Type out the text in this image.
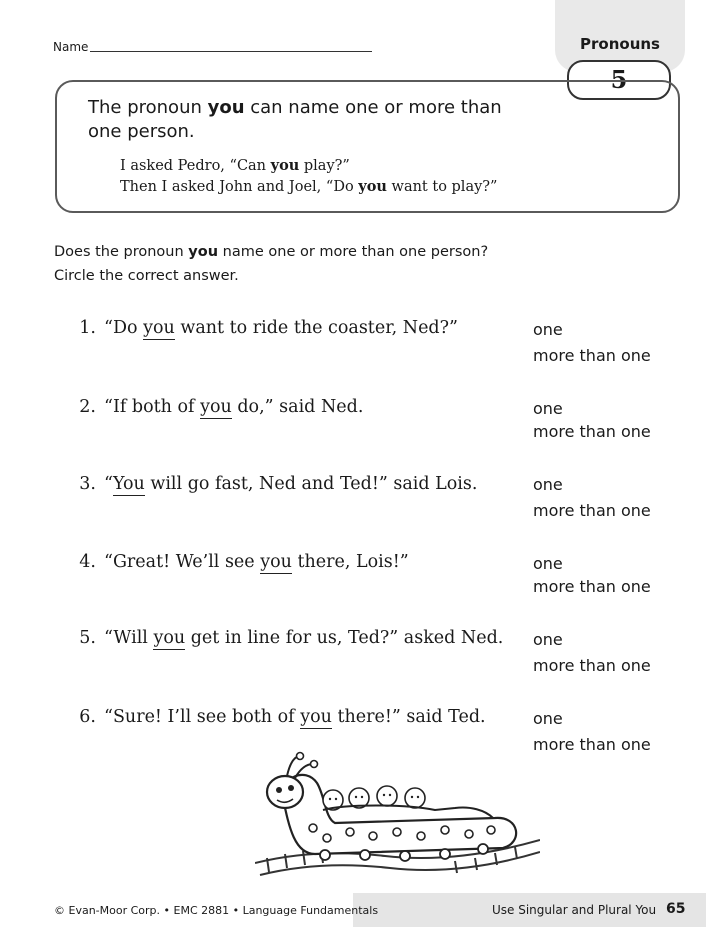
Name	Pronouns
5
The pronoun you can name one or more than one person.
I asked Pedro, “Can you play?”
Then I asked John and Joel, “Do you want to play?”
Does the pronoun you name one or more than one person?
Circle the correct answer.
1. “Do you want to ride the coaster, Ned?”	one
more than one
2. “If both of you do,” said Ned.	one
more than one
3. “You will go fast, Ned and Ted!” said Lois.	one
more than one
4. “Great! We’ll see you there, Lois!”	one
more than one
5. “Will you get in line for us, Ted?” asked Ned. one
more than one
6. “Sure! I’ll see both of you there!” said Ted.	one
more than one
© Evan-Moor Corp. • EMC 2881 • Language Fundamentals	Use Singular and Plural You 65
